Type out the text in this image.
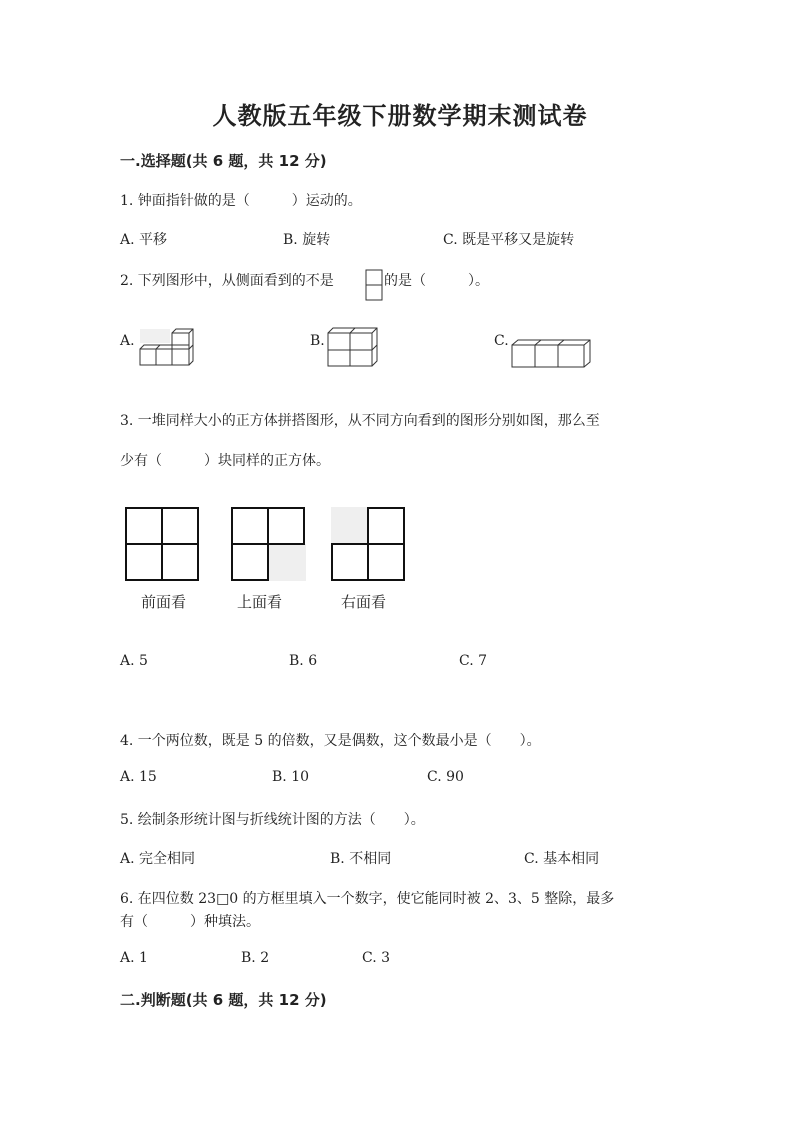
人教版五年级下册数学期末测试卷
一.选择题(共 6 题，共 12 分)
1. 钟面指针做的是（　　　）运动的。
A. 平移	B. 旋转	C. 既是平移又是旋转
2. 下列图形中，从侧面看到的不是	的是（　　　）。
A.	B.	C.
3. 一堆同样大小的正方体拼搭图形，从不同方向看到的图形分别如图，那么至
少有（　　　）块同样的正方体。
前面看	上面看	右面看
A. 5	B. 6	C. 7
4. 一个两位数，既是 5 的倍数，又是偶数，这个数最小是（　　）。
A. 15	B. 10	C. 90
5. 绘制条形统计图与折线统计图的方法（　　）。
A. 完全相同	B. 不相同	C. 基本相同
6. 在四位数 23□0 的方框里填入一个数字，使它能同时被 2、3、5 整除，最多
有（　　　）种填法。
A. 1	B. 2	C. 3
二.判断题(共 6 题，共 12 分)
